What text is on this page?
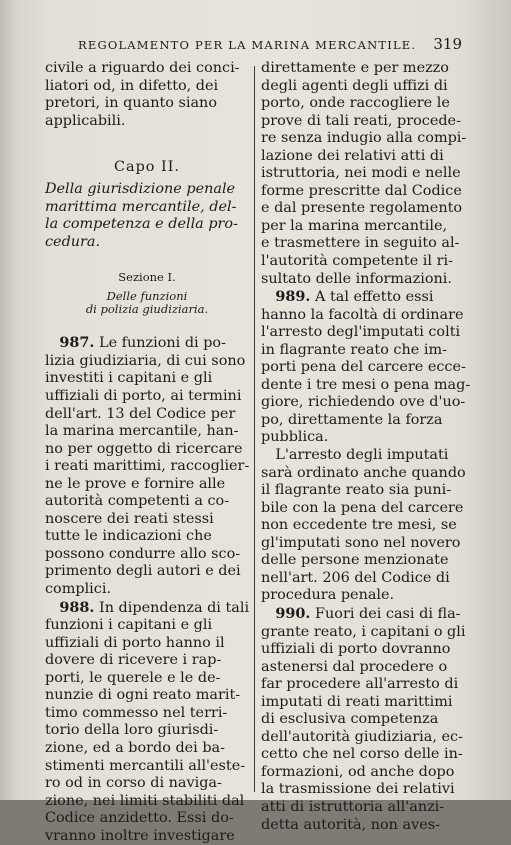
REGOLAMENTO PER LA MARINA MERCANTILE. 319
civile a riguardo dei conci-
liatori od, in difetto, dei
pretori, in quanto siano
applicabili.
Capo II.
Della giurisdizione penale
marittima mercantile, del-
la competenza e della pro-
cedura.
Sezione I.
Delle funzioni
di polizia giudiziaria.
 987. Le funzioni di po-
lizia giudiziaria, di cui sono
investiti i capitani e gli
uffiziali di porto, ai termini
dell'art. 13 del Codice per
la marina mercantile, han-
no per oggetto di ricercare
i reati marittimi, raccoglier-
ne le prove e fornire alle
autorità competenti a co-
noscere dei reati stessi
tutte le indicazioni che
possono condurre allo sco-
primento degli autori e dei
complici.
 988. In dipendenza di tali
funzioni i capitani e gli
uffiziali di porto hanno il
dovere di ricevere i rap-
porti, le querele e le de-
nunzie di ogni reato marit-
timo commesso nel terri-
torio della loro giurisdi-
zione, ed a bordo dei ba-
stimenti mercantili all'este-
ro od in corso di naviga-
zione, nei limiti stabiliti dal
Codice anzidetto. Essi do-
vranno inoltre investigare
direttamente e per mezzo
degli agenti degli uffizi di
porto, onde raccogliere le
prove di tali reati, procede-
re senza indugio alla compi-
lazione dei relativi atti di
istruttoria, nei modi e nelle
forme prescritte dal Codice
e dal presente regolamento
per la marina mercantile,
e trasmettere in seguito al-
l'autorità competente il ri-
sultato delle informazioni.
 989. A tal effetto essi
hanno la facoltà di ordinare
l'arresto degl'imputati colti
in flagrante reato che im-
porti pena del carcere ecce-
dente i tre mesi o pena mag-
giore, richiedendo ove d'uo-
po, direttamente la forza
pubblica.
 L'arresto degli imputati
sarà ordinato anche quando
il flagrante reato sia puni-
bile con la pena del carcere
non eccedente tre mesi, se
gl'imputati sono nel novero
delle persone menzionate
nell'art. 206 del Codice di
procedura penale.
 990. Fuori dei casi di fla-
grante reato, i capitani o gli
uffiziali di porto dovranno
astenersi dal procedere o
far procedere all'arresto di
imputati di reati marittimi
di esclusiva competenza
dell'autorità giudiziaria, ec-
cetto che nel corso delle in-
formazioni, od anche dopo
la trasmissione dei relativi
atti di istruttoria all'anzi-
detta autorità, non aves-
